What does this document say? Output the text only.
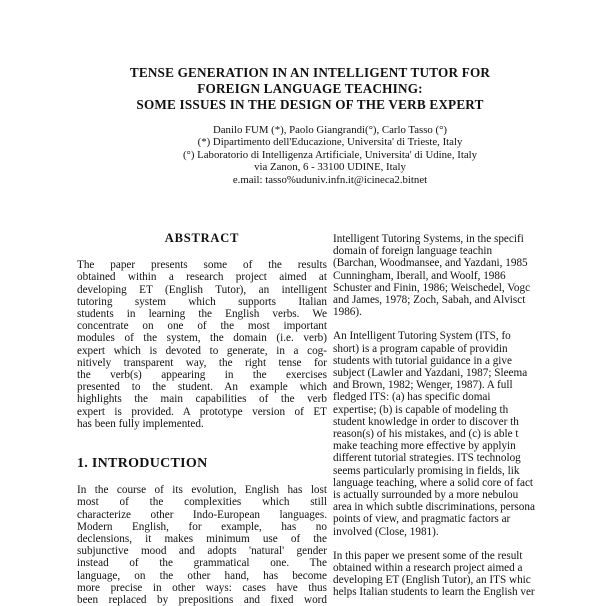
TENSE GENERATION IN AN INTELLIGENT TUTOR FOR
FOREIGN LANGUAGE TEACHING:
SOME ISSUES IN THE DESIGN OF THE VERB EXPERT
Danilo FUM (*), Paolo Giangrandi(°), Carlo Tasso (°)
(*) Dipartimento dell'Educazione, Universita' di Trieste, Italy
(°) Laboratorio di Intelligenza Artificiale, Universita' di Udine, Italy
via Zanon, 6 - 33100 UDINE, Italy
e.mail: tasso%uduniv.infn.it@icineca2.bitnet
ABSTRACT
The paper presents some of the results
obtained within a research project aimed at
developing ET (English Tutor), an intelligent
tutoring system which supports Italian
students in learning the English verbs. We
concentrate on one of the most important
modules of the system, the domain (i.e. verb)
expert which is devoted to generate, in a cog-
nitively transparent way, the right tense for
the verb(s) appearing in the exercises
presented to the student. An example which
highlights the main capabilities of the verb
expert is provided. A prototype version of ET
has been fully implemented.
1. INTRODUCTION
In the course of its evolution, English has lost
most of the complexities which still
characterize other Indo-European languages.
Modern English, for example, has no
declensions, it makes minimum use of the
subjunctive mood and adopts 'natural' gender
instead of the grammatical one. The
language, on the other hand, has become
more precise in other ways: cases have thus
been replaced by prepositions and fixed word
Intelligent Tutoring Systems, in the specifi
domain of foreign language teachin
(Barchan, Woodmansee, and Yazdani, 1985
Cunningham, Iberall, and Woolf, 1986
Schuster and Finin, 1986; Weischedel, Vogc
and James, 1978; Zoch, Sabah, and Alvisct
1986).
An Intelligent Tutoring System (ITS, fo
short) is a program capable of providin
students with tutorial guidance in a give
subject (Lawler and Yazdani, 1987; Sleema
and Brown, 1982; Wenger, 1987). A full
fledged ITS: (a) has specific domai
expertise; (b) is capable of modeling th
student knowledge in order to discover th
reason(s) of his mistakes, and (c) is able t
make teaching more effective by applyin
different tutorial strategies. ITS technolog
seems particularly promising in fields, lik
language teaching, where a solid core of fact
is actually surrounded by a more nebulou
area in which subtle discriminations, persona
points of view, and pragmatic factors ar
involved (Close, 1981).
In this paper we present some of the result
obtained within a research project aimed a
developing ET (English Tutor), an ITS whic
helps Italian students to learn the English ver
